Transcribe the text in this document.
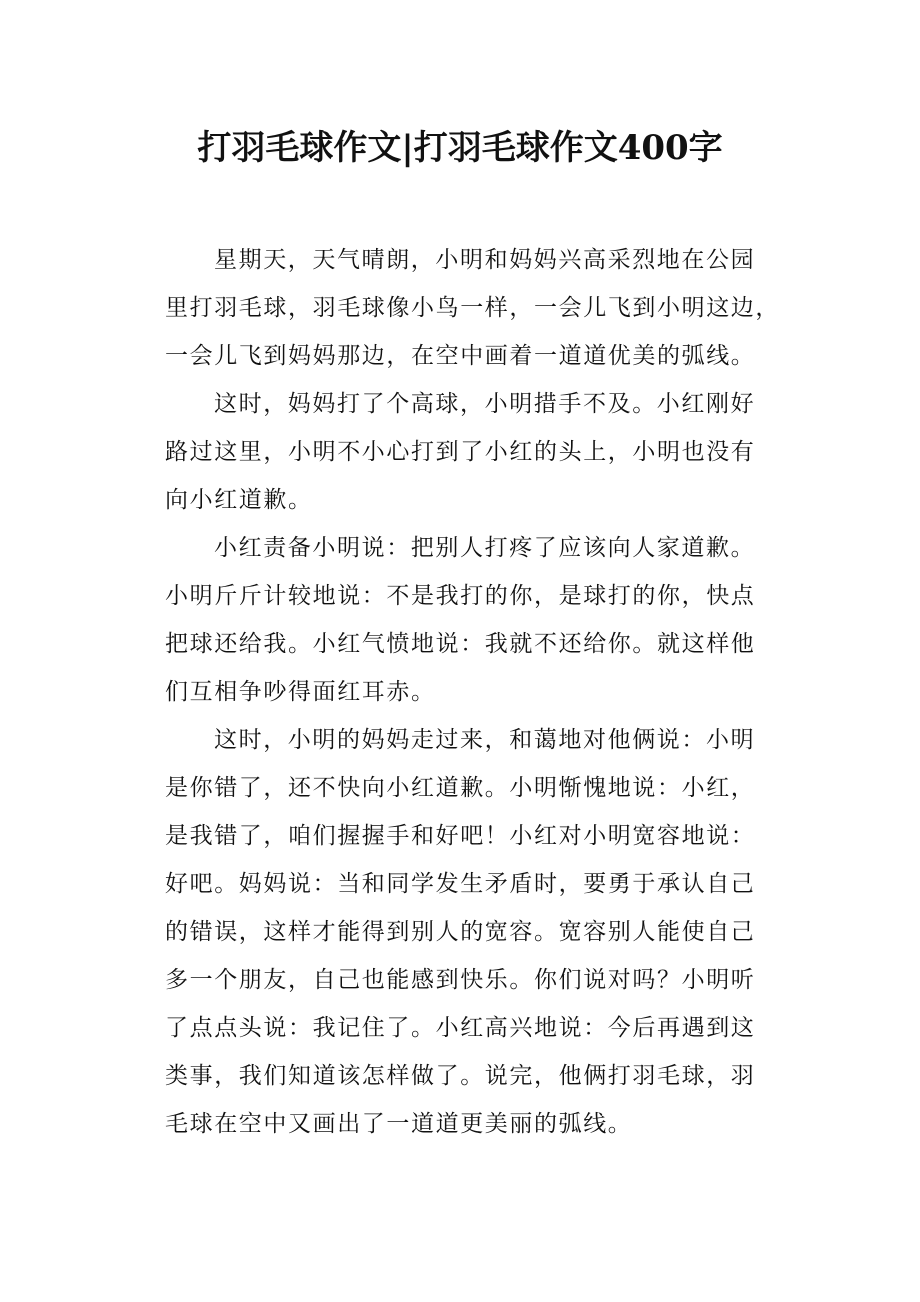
打羽毛球作文|打羽毛球作文400字
星期天，天气晴朗，小明和妈妈兴高采烈地在公园
里打羽毛球，羽毛球像小鸟一样，一会儿飞到小明这边，
一会儿飞到妈妈那边，在空中画着一道道优美的弧线。
这时，妈妈打了个高球，小明措手不及。小红刚好
路过这里，小明不小心打到了小红的头上，小明也没有
向小红道歉。
小红责备小明说：把别人打疼了应该向人家道歉。
小明斤斤计较地说：不是我打的你，是球打的你，快点
把球还给我。小红气愤地说：我就不还给你。就这样他
们互相争吵得面红耳赤。
这时，小明的妈妈走过来，和蔼地对他俩说：小明
是你错了，还不快向小红道歉。小明惭愧地说：小红，
是我错了，咱们握握手和好吧！小红对小明宽容地说：
好吧。妈妈说：当和同学发生矛盾时，要勇于承认自己
的错误，这样才能得到别人的宽容。宽容别人能使自己
多一个朋友，自己也能感到快乐。你们说对吗？小明听
了点点头说：我记住了。小红高兴地说：今后再遇到这
类事，我们知道该怎样做了。说完，他俩打羽毛球，羽
毛球在空中又画出了一道道更美丽的弧线。
